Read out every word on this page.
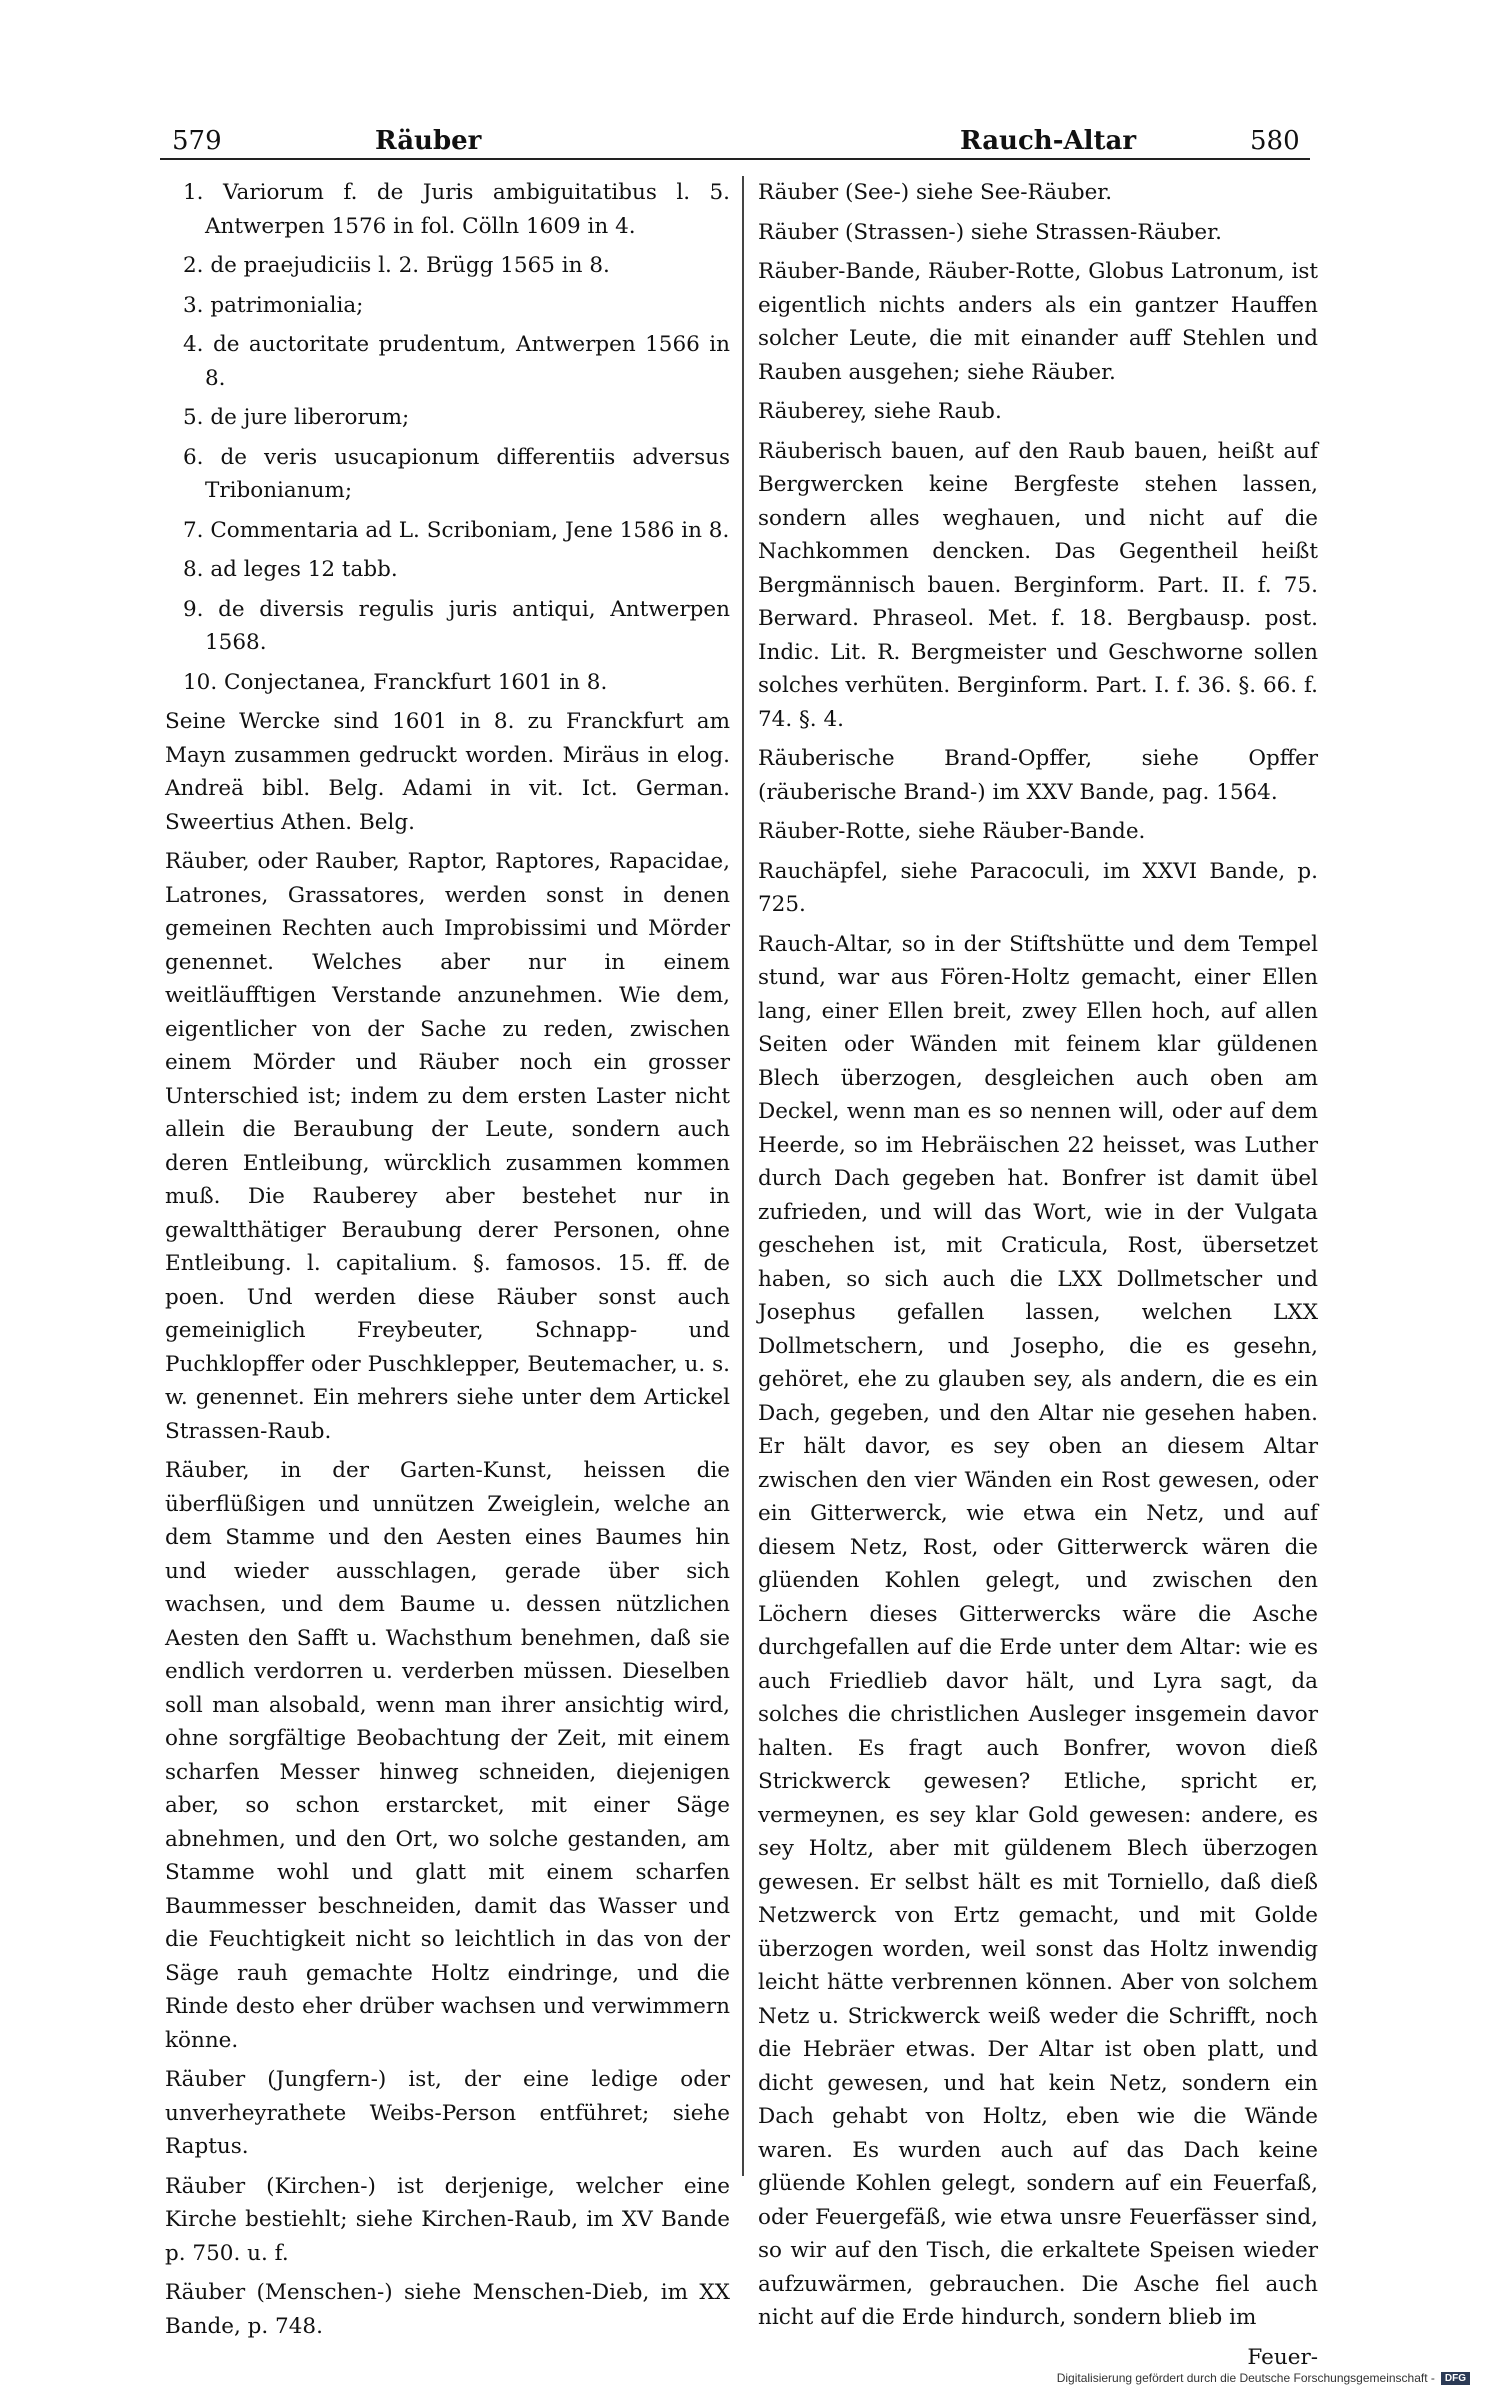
579	Räuber	Rauch-Altar	580

1. Variorum f. de Juris ambiguitatibus l. 5. Antwerpen 1576 in fol. Cölln 1609 in 4.

2. de praejudiciis l. 2. Brügg 1565 in 8.

3. patrimonialia;

4. de auctoritate prudentum, Antwerpen 1566 in 8.

5. de jure liberorum;

6. de veris usucapionum differentiis adversus Tribonianum;

7. Commentaria ad L. Scriboniam, Jene 1586 in 8.

8. ad leges 12 tabb.

9. de diversis regulis juris antiqui, Antwerpen 1568.

10. Conjectanea, Franckfurt 1601 in 8.

Seine Wercke sind 1601 in 8. zu Franckfurt am Mayn zusammen gedruckt worden. Miräus in elog. Andreä bibl. Belg. Adami in vit. Ict. German. Sweertius Athen. Belg.

Räuber, oder Rauber, Raptor, Raptores, Rapacidae, Latrones, Grassatores, werden sonst in denen gemeinen Rechten auch Improbissimi und Mörder genennet. Welches aber nur in einem weitläufftigen Verstande anzunehmen. Wie dem, eigentlicher von der Sache zu reden, zwischen einem Mörder und Räuber noch ein grosser Unterschied ist; indem zu dem ersten Laster nicht allein die Beraubung der Leute, sondern auch deren Entleibung, würcklich zusammen kommen muß. Die Rauberey aber bestehet nur in gewaltthätiger Beraubung derer Personen, ohne Entleibung. l. capitalium. §. famosos. 15. ff. de poen. Und werden diese Räuber sonst auch gemeiniglich Freybeuter, Schnapp- und Puchklopffer oder Puschklepper, Beutemacher, u. s. w. genennet. Ein mehrers siehe unter dem Artickel Strassen-Raub.

Räuber, in der Garten-Kunst, heissen die überflüßigen und unnützen Zweiglein, welche an dem Stamme und den Aesten eines Baumes hin und wieder ausschlagen, gerade über sich wachsen, und dem Baume u. dessen nützlichen Aesten den Safft u. Wachsthum benehmen, daß sie endlich verdorren u. verderben müssen. Dieselben soll man alsobald, wenn man ihrer ansichtig wird, ohne sorgfältige Beobachtung der Zeit, mit einem scharfen Messer hinweg schneiden, diejenigen aber, so schon erstarcket, mit einer Säge abnehmen, und den Ort, wo solche gestanden, am Stamme wohl und glatt mit einem scharfen Baummesser beschneiden, damit das Wasser und die Feuchtigkeit nicht so leichtlich in das von der Säge rauh gemachte Holtz eindringe, und die Rinde desto eher drüber wachsen und verwimmern könne.

Räuber (Jungfern-) ist, der eine ledige oder unverheyrathete Weibs-Person entführet; siehe Raptus.

Räuber (Kirchen-) ist derjenige, welcher eine Kirche bestiehlt; siehe Kirchen-Raub, im XV Bande p. 750. u. f.

Räuber (Menschen-) siehe Menschen-Dieb, im XX Bande, p. 748.

Räuber (See-) siehe See-Räuber.

Räuber (Strassen-) siehe Strassen-Räuber.

Räuber-Bande, Räuber-Rotte, Globus Latronum, ist eigentlich nichts anders als ein gantzer Hauffen solcher Leute, die mit einander auff Stehlen und Rauben ausgehen; siehe Räuber.

Räuberey, siehe Raub.

Räuberisch bauen, auf den Raub bauen, heißt auf Bergwercken keine Bergfeste stehen lassen, sondern alles weghauen, und nicht auf die Nachkommen dencken. Das Gegentheil heißt Bergmännisch bauen. Berginform. Part. II. f. 75. Berward. Phraseol. Met. f. 18. Bergbausp. post. Indic. Lit. R. Bergmeister und Geschworne sollen solches verhüten. Berginform. Part. I. f. 36. §. 66. f. 74. §. 4.

Räuberische Brand-Opffer, siehe Opffer (räuberische Brand-) im XXV Bande, pag. 1564.

Räuber-Rotte, siehe Räuber-Bande.

Rauchäpfel, siehe Paracoculi, im XXVI Bande, p. 725.

Rauch-Altar, so in der Stiftshütte und dem Tempel stund, war aus Fören-Holtz gemacht, einer Ellen lang, einer Ellen breit, zwey Ellen hoch, auf allen Seiten oder Wänden mit feinem klar güldenen Blech überzogen, desgleichen auch oben am Deckel, wenn man es so nennen will, oder auf dem Heerde, so im Hebräischen 22 heisset, was Luther durch Dach gegeben hat. Bonfrer ist damit übel zufrieden, und will das Wort, wie in der Vulgata geschehen ist, mit Craticula, Rost, übersetzet haben, so sich auch die LXX Dollmetscher und Josephus gefallen lassen, welchen LXX Dollmetschern, und Josepho, die es gesehn, gehöret, ehe zu glauben sey, als andern, die es ein Dach, gegeben, und den Altar nie gesehen haben. Er hält davor, es sey oben an diesem Altar zwischen den vier Wänden ein Rost gewesen, oder ein Gitterwerck, wie etwa ein Netz, und auf diesem Netz, Rost, oder Gitterwerck wären die glüenden Kohlen gelegt, und zwischen den Löchern dieses Gitterwercks wäre die Asche durchgefallen auf die Erde unter dem Altar: wie es auch Friedlieb davor hält, und Lyra sagt, da solches die christlichen Ausleger insgemein davor halten. Es fragt auch Bonfrer, wovon dieß Strickwerck gewesen? Etliche, spricht er, vermeynen, es sey klar Gold gewesen: andere, es sey Holtz, aber mit güldenem Blech überzogen gewesen. Er selbst hält es mit Torniello, daß dieß Netzwerck von Ertz gemacht, und mit Golde überzogen worden, weil sonst das Holtz inwendig leicht hätte verbrennen können. Aber von solchem Netz u. Strickwerck weiß weder die Schrifft, noch die Hebräer etwas. Der Altar ist oben platt, und dicht gewesen, und hat kein Netz, sondern ein Dach gehabt von Holtz, eben wie die Wände waren. Es wurden auch auf das Dach keine glüende Kohlen gelegt, sondern auf ein Feuerfaß, oder Feuergefäß, wie etwa unsre Feuerfässer sind, so wir auf den Tisch, die erkaltete Speisen wieder aufzuwärmen, gebrauchen. Die Asche fiel auch nicht auf die Erde hindurch, sondern blieb im

Feuer-

Digitalisierung gefördert durch die Deutsche Forschungsgemeinschaft -	DFG
